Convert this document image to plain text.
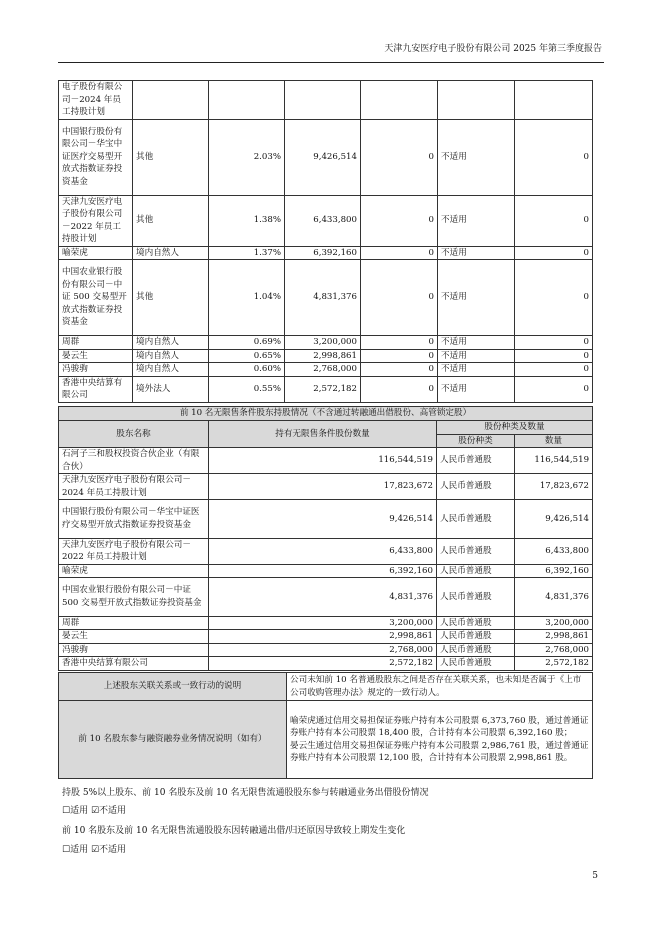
天津九安医疗电子股份有限公司 2025 年第三季度报告
电子股份有限公司－2024 年员工持股计划						
中国银行股份有限公司－华宝中证医疗交易型开放式指数证券投资基金	其他	2.03%	9,426,514	0	不适用	0
天津九安医疗电子股份有限公司－2022 年员工持股计划	其他	1.38%	6,433,800	0	不适用	0
喻荣虎	境内自然人	1.37%	6,392,160	0	不适用	0
中国农业银行股份有限公司－中证 500 交易型开放式指数证券投资基金	其他	1.04%	4,831,376	0	不适用	0
周群	境内自然人	0.69%	3,200,000	0	不适用	0
晏云生	境内自然人	0.65%	2,998,861	0	不适用	0
冯骏驹	境内自然人	0.60%	2,768,000	0	不适用	0
香港中央结算有限公司	境外法人	0.55%	2,572,182	0	不适用	0
前 10 名无限售条件股东持股情况（不含通过转融通出借股份、高管锁定股）			
股东名称	持有无限售条件股份数量	股份种类及数量	
		股份种类	数量
石河子三和股权投资合伙企业（有限合伙）	116,544,519	人民币普通股	116,544,519
天津九安医疗电子股份有限公司－2024 年员工持股计划	17,823,672	人民币普通股	17,823,672
中国银行股份有限公司－华宝中证医疗交易型开放式指数证券投资基金	9,426,514	人民币普通股	9,426,514
天津九安医疗电子股份有限公司－2022 年员工持股计划	6,433,800	人民币普通股	6,433,800
喻荣虎	6,392,160	人民币普通股	6,392,160
中国农业银行股份有限公司－中证 500 交易型开放式指数证券投资基金	4,831,376	人民币普通股	4,831,376
周群	3,200,000	人民币普通股	3,200,000
晏云生	2,998,861	人民币普通股	2,998,861
冯骏驹	2,768,000	人民币普通股	2,768,000
香港中央结算有限公司	2,572,182	人民币普通股	2,572,182
上述股东关联关系或一致行动的说明	公司未知前 10 名普通股股东之间是否存在关联关系，也未知是否属于《上市公司收购管理办法》规定的一致行动人。
前 10 名股东参与融资融券业务情况说明（如有）	喻荣虎通过信用交易担保证券账户持有本公司股票 6,373,760 股，通过普通证券账户持有本公司股票 18,400 股，合计持有本公司股票 6,392,160 股；
晏云生通过信用交易担保证券账户持有本公司股票 2,986,761 股，通过普通证券账户持有本公司股票 12,100 股，合计持有本公司股票 2,998,861 股。
持股 5%以上股东、前 10 名股东及前 10 名无限售流通股股东参与转融通业务出借股份情况
☐适用 ☑不适用
前 10 名股东及前 10 名无限售流通股股东因转融通出借/归还原因导致较上期发生变化
☐适用 ☑不适用
5
